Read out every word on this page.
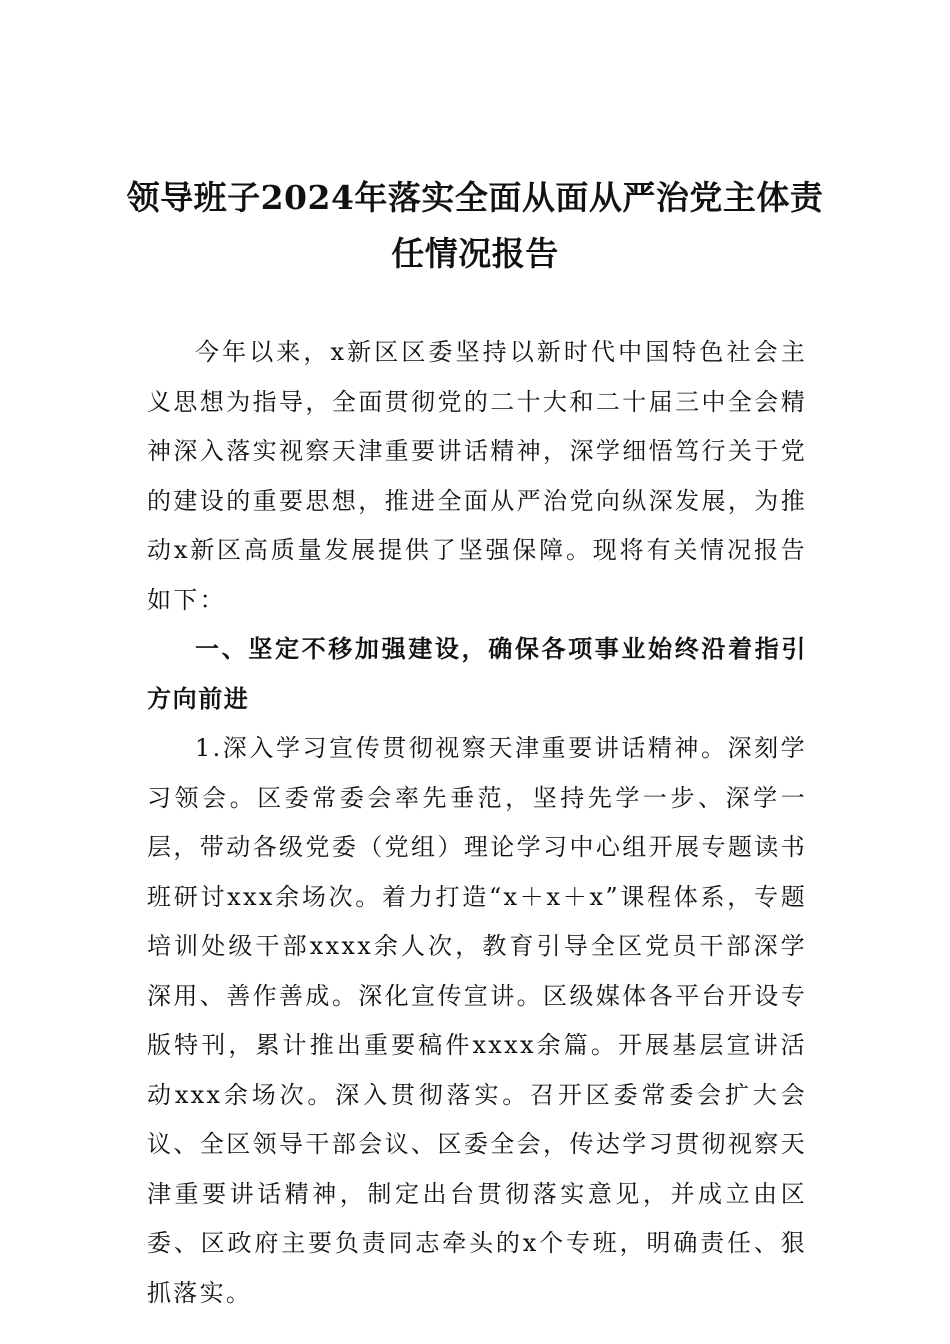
领导班子2024年落实全面从面从严治党主体责任情况报告

今年以来，x新区区委坚持以新时代中国特色社会主义思想为指导，全面贯彻党的二十大和二十届三中全会精神深入落实视察天津重要讲话精神，深学细悟笃行关于党的建设的重要思想，推进全面从严治党向纵深发展，为推动x新区高质量发展提供了坚强保障。现将有关情况报告如下：

一、坚定不移加强建设，确保各项事业始终沿着指引方向前进

1.深入学习宣传贯彻视察天津重要讲话精神。深刻学习领会。区委常委会率先垂范，坚持先学一步、深学一层，带动各级党委（党组）理论学习中心组开展专题读书班研讨xxx余场次。着力打造“x＋x＋x”课程体系，专题培训处级干部xxxx余人次，教育引导全区党员干部深学深用、善作善成。深化宣传宣讲。区级媒体各平台开设专版特刊，累计推出重要稿件xxxx余篇。开展基层宣讲活动xxx余场次。深入贯彻落实。召开区委常委会扩大会议、全区领导干部会议、区委全会，传达学习贯彻视察天津重要讲话精神，制定出台贯彻落实意见，并成立由区委、区政府主要负责同志牵头的x个专班，明确责任、狠抓落实。
